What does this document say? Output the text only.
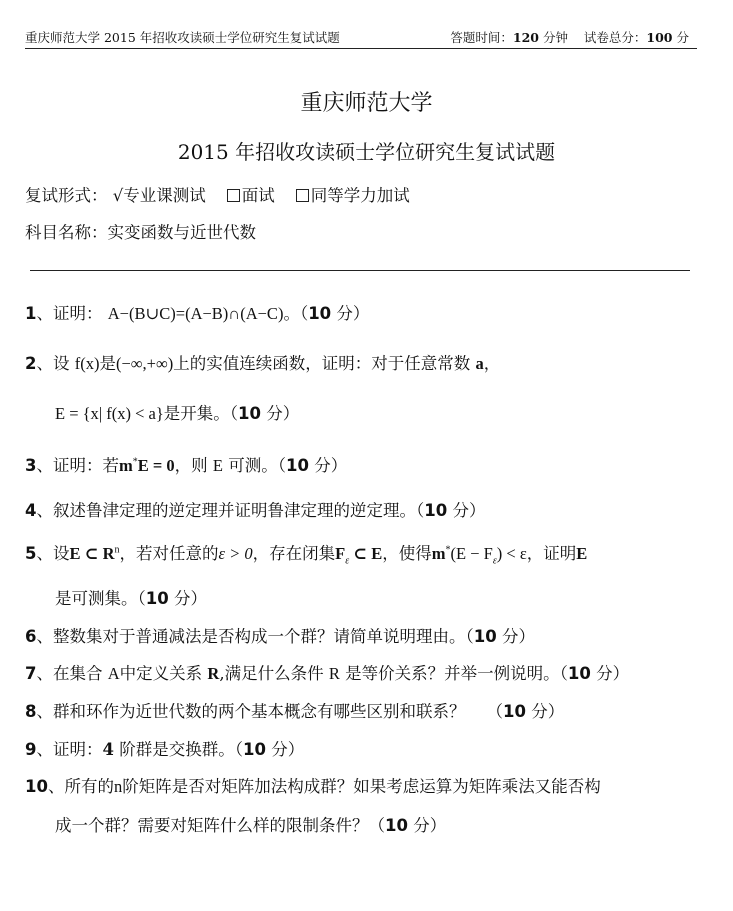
重庆师范大学 2015 年招收攻读硕士学位研究生复试试题	答题时间：120 分钟 试卷总分：100 分
重庆师范大学
2015 年招收攻读硕士学位研究生复试试题
复试形式： √专业课测试 面试 同等学力加试
科目名称：实变函数与近世代数
1、证明： A−(B∪C)=(A−B)∩(A−C)。（10 分）
2、设 f(x)是(−∞,+∞)上的实值连续函数，证明：对于任意常数 a，
E = {x| f(x) < a}是开集。（10 分）
3、证明：若m*E = 0，则 E 可测。（10 分）
4、叙述鲁津定理的逆定理并证明鲁津定理的逆定理。（10 分）
5、设E ⊂ $R^n$，若对任意的ε > 0，存在闭集$F_\varepsilon$ ⊂ E，使得$m^*(E - F_\varepsilon) < \varepsilon$，证明E
是可测集。（10 分）
6、整数集对于普通减法是否构成一个群？请简单说明理由。（10 分）
7、在集合 A中定义关系 R,满足什么条件 R 是等价关系？并举一例说明。（10 分）
8、群和环作为近世代数的两个基本概念有哪些区别和联系？ （10 分）
9、证明：4 阶群是交换群。（10 分）
10、所有的n阶矩阵是否对矩阵加法构成群？如果考虑运算为矩阵乘法又能否构
成一个群？需要对矩阵什么样的限制条件？（10 分）
